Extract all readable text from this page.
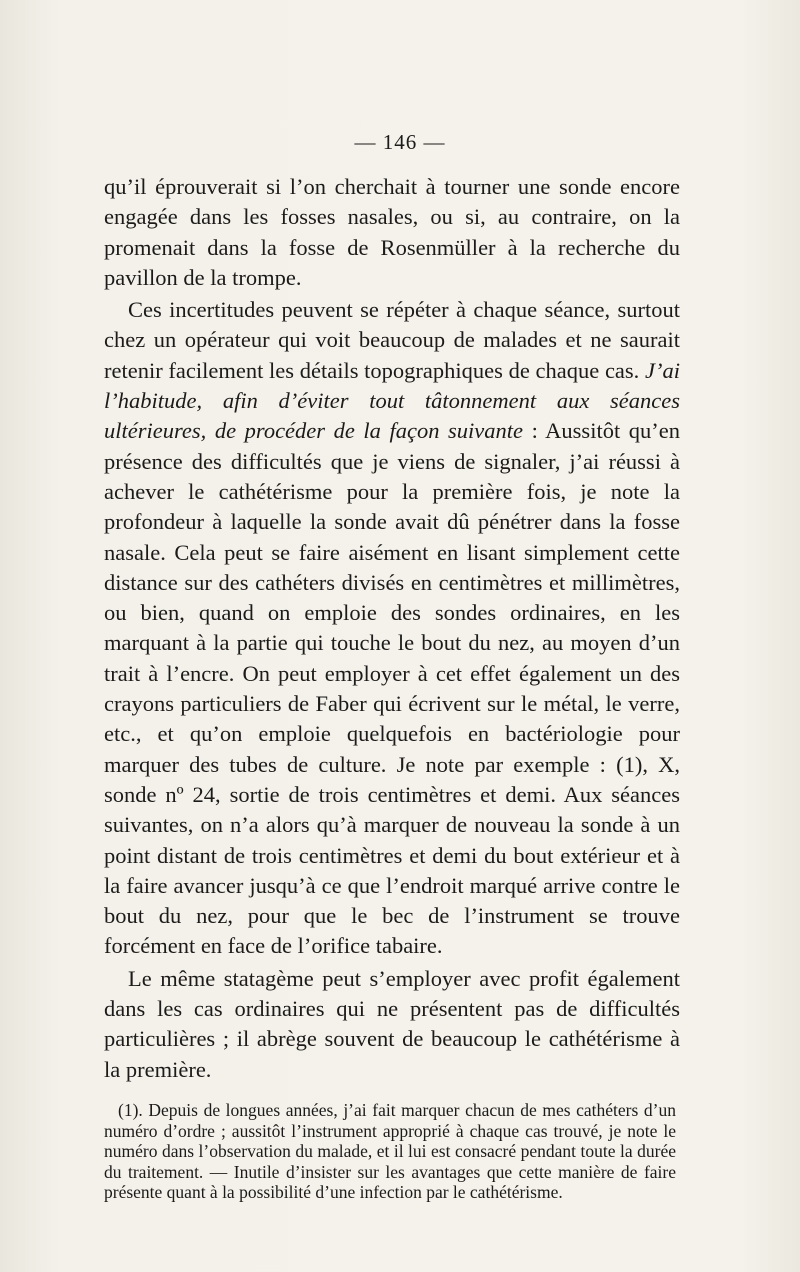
— 146 —

qu’il éprouverait si l’on cherchait à tourner une sonde encore engagée dans les fosses nasales, ou si, au contraire, on la promenait dans la fosse de Rosenmüller à la recherche du pavillon de la trompe.

Ces incertitudes peuvent se répéter à chaque séance, surtout chez un opérateur qui voit beaucoup de malades et ne saurait retenir facilement les détails topographiques de chaque cas. J’ai l’habitude, afin d’éviter tout tâtonnement aux séances ultérieures, de procéder de la façon suivante : Aussitôt qu’en présence des difficultés que je viens de signaler, j’ai réussi à achever le cathétérisme pour la première fois, je note la profondeur à laquelle la sonde avait dû pénétrer dans la fosse nasale. Cela peut se faire aisément en lisant simplement cette distance sur des cathéters divisés en centimètres et millimètres, ou bien, quand on emploie des sondes ordinaires, en les marquant à la partie qui touche le bout du nez, au moyen d’un trait à l’encre. On peut employer à cet effet également un des crayons particuliers de Faber qui écrivent sur le métal, le verre, etc., et qu’on emploie quelquefois en bactériologie pour marquer des tubes de culture. Je note par exemple : (1), X, sonde nº 24, sortie de trois centimètres et demi. Aux séances suivantes, on n’a alors qu’à marquer de nouveau la sonde à un point distant de trois centimètres et demi du bout extérieur et à la faire avancer jusqu’à ce que l’endroit marqué arrive contre le bout du nez, pour que le bec de l’instrument se trouve forcément en face de l’orifice tabaire.

Le même statagème peut s’employer avec profit également dans les cas ordinaires qui ne présentent pas de difficultés particulières ; il abrège souvent de beaucoup le cathétérisme à la première.

(1). Depuis de longues années, j’ai fait marquer chacun de mes cathéters d’un numéro d’ordre ; aussitôt l’instrument approprié à chaque cas trouvé, je note le numéro dans l’observation du malade, et il lui est consacré pendant toute la durée du traitement. — Inutile d’insister sur les avantages que cette manière de faire présente quant à la possibilité d’une infection par le cathétérisme.
